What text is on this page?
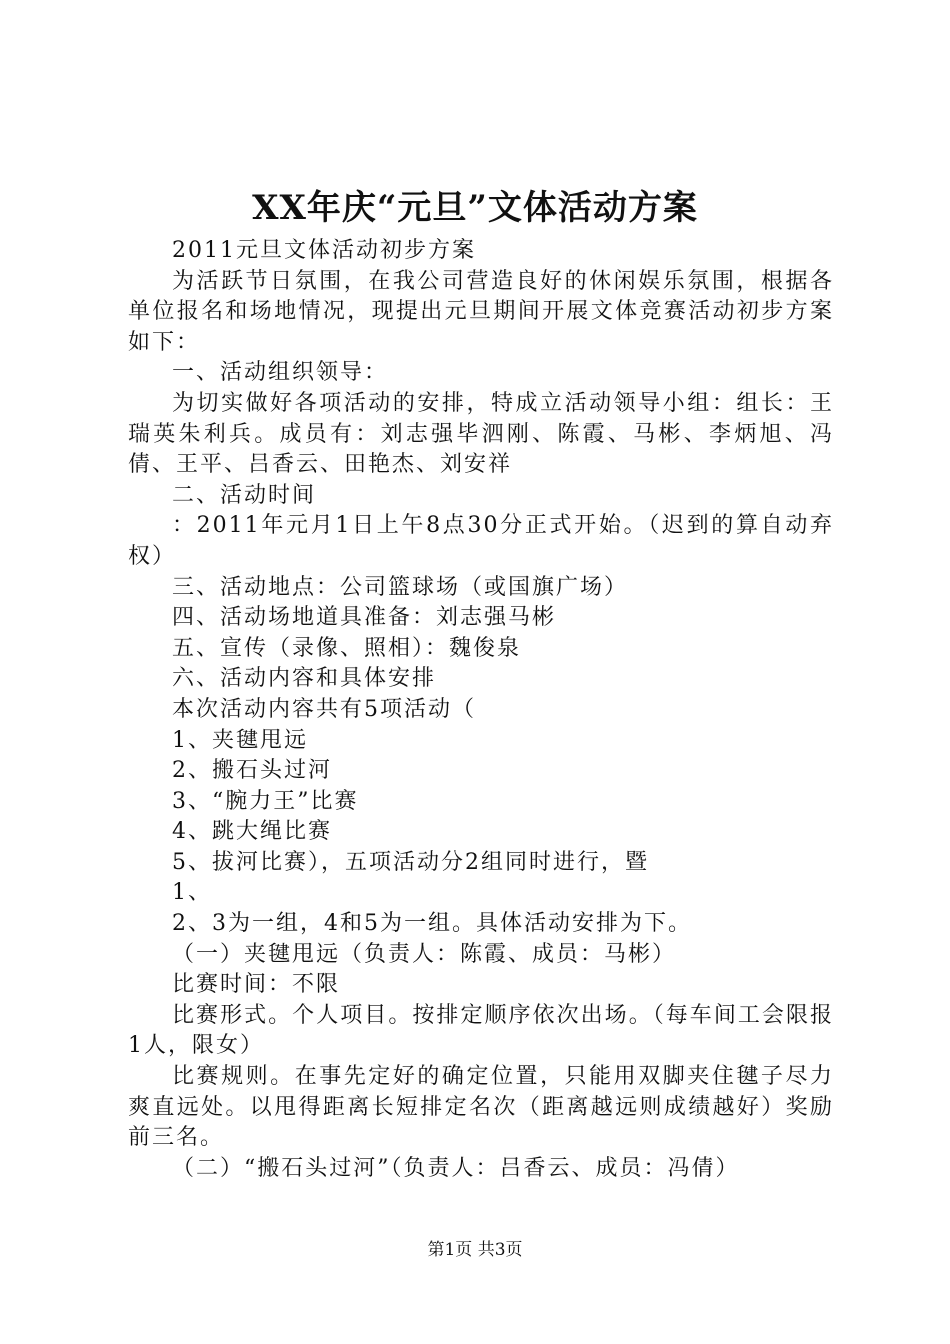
XX年庆“元旦”文体活动方案

2011元旦文体活动初步方案

为活跃节日氛围，在我公司营造良好的休闲娱乐氛围，根据各单位报名和场地情况，现提出元旦期间开展文体竞赛活动初步方案如下：

一、活动组织领导：

为切实做好各项活动的安排，特成立活动领导小组：组长：王瑞英朱利兵。成员有：刘志强毕泗刚、陈霞、马彬、李炳旭、冯倩、王平、吕香云、田艳杰、刘安祥

二、活动时间

：2011年元月1日上午8点30分正式开始。（迟到的算自动弃权）

三、活动地点：公司篮球场（或国旗广场）

四、活动场地道具准备：刘志强马彬

五、宣传（录像、照相）：魏俊泉

六、活动内容和具体安排

本次活动内容共有5项活动（

1、夹毽甩远

2、搬石头过河

3、“腕力王”比赛

4、跳大绳比赛

5、拔河比赛），五项活动分2组同时进行，暨

1、

2、3为一组，4和5为一组。具体活动安排为下。

（一）夹毽甩远（负责人：陈霞、成员：马彬）

比赛时间：不限

比赛形式。个人项目。按排定顺序依次出场。（每车间工会限报1人，限女）

比赛规则。在事先定好的确定位置，只能用双脚夹住毽子尽力爽直远处。以甩得距离长短排定名次（距离越远则成绩越好）奖励前三名。

（二）“搬石头过河”（负责人：吕香云、成员：冯倩）

第1页 共3页
